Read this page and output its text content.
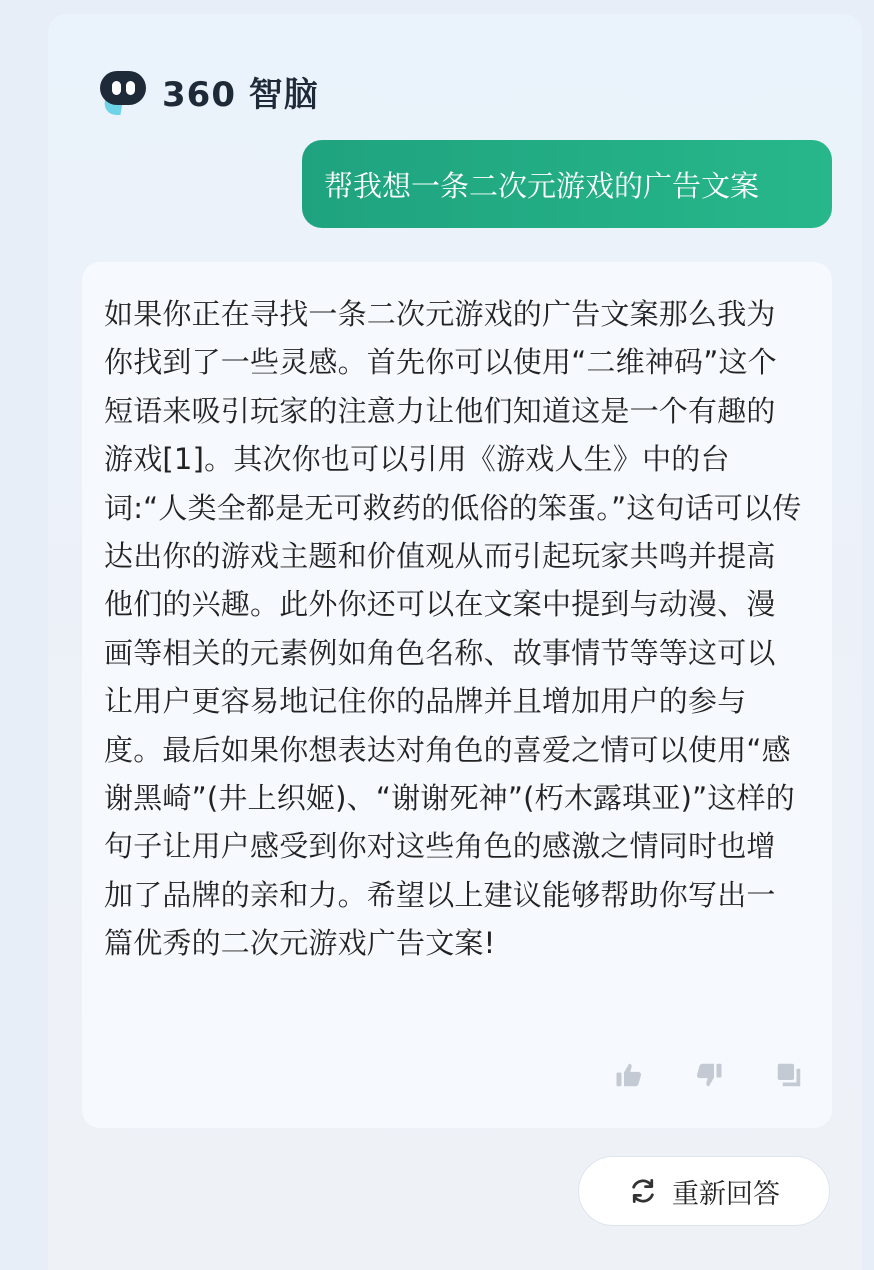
360 智脑
帮我想一条二次元游戏的广告文案
如果你正在寻找一条二次元游戏的广告文案那么我为你找到了一些灵感。首先你可以使用“二维神码”这个短语来吸引玩家的注意力让他们知道这是一个有趣的游戏[1]。其次你也可以引用《游戏人生》中的台词:“人类全都是无可救药的低俗的笨蛋。”这句话可以传达出你的游戏主题和价值观从而引起玩家共鸣并提高他们的兴趣。此外你还可以在文案中提到与动漫、漫画等相关的元素例如角色名称、故事情节等等这可以让用户更容易地记住你的品牌并且增加用户的参与度。最后如果你想表达对角色的喜爱之情可以使用“感谢黑崎”(井上织姬)、“谢谢死神”(朽木露琪亚)”这样的句子让用户感受到你对这些角色的感激之情同时也增加了品牌的亲和力。希望以上建议能够帮助你写出一篇优秀的二次元游戏广告文案!
重新回答
